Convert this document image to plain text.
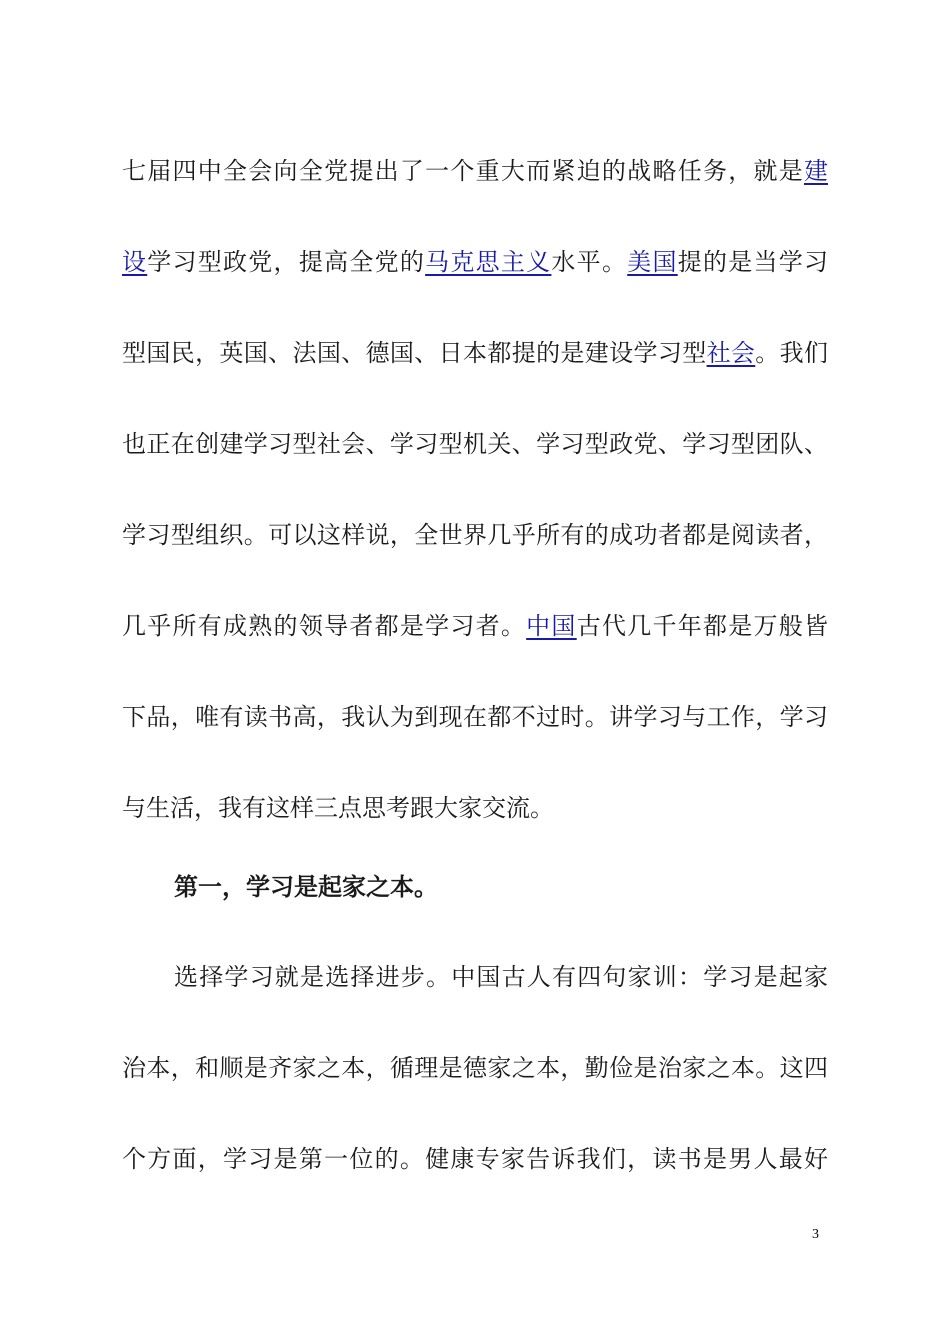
七届四中全会向全党提出了一个重大而紧迫的战略任务，就是建
设学习型政党，提高全党的马克思主义水平。美国提的是当学习
型国民，英国、法国、德国、日本都提的是建设学习型社会。我们
也正在创建学习型社会、学习型机关、学习型政党、学习型团队、
学习型组织。可以这样说，全世界几乎所有的成功者都是阅读者，
几乎所有成熟的领导者都是学习者。中国古代几千年都是万般皆
下品，唯有读书高，我认为到现在都不过时。讲学习与工作，学习
与生活，我有这样三点思考跟大家交流。
第一，学习是起家之本。
选择学习就是选择进步。中国古人有四句家训：学习是起家
治本，和顺是齐家之本，循理是德家之本，勤俭是治家之本。这四
个方面，学习是第一位的。健康专家告诉我们，读书是男人最好
3
